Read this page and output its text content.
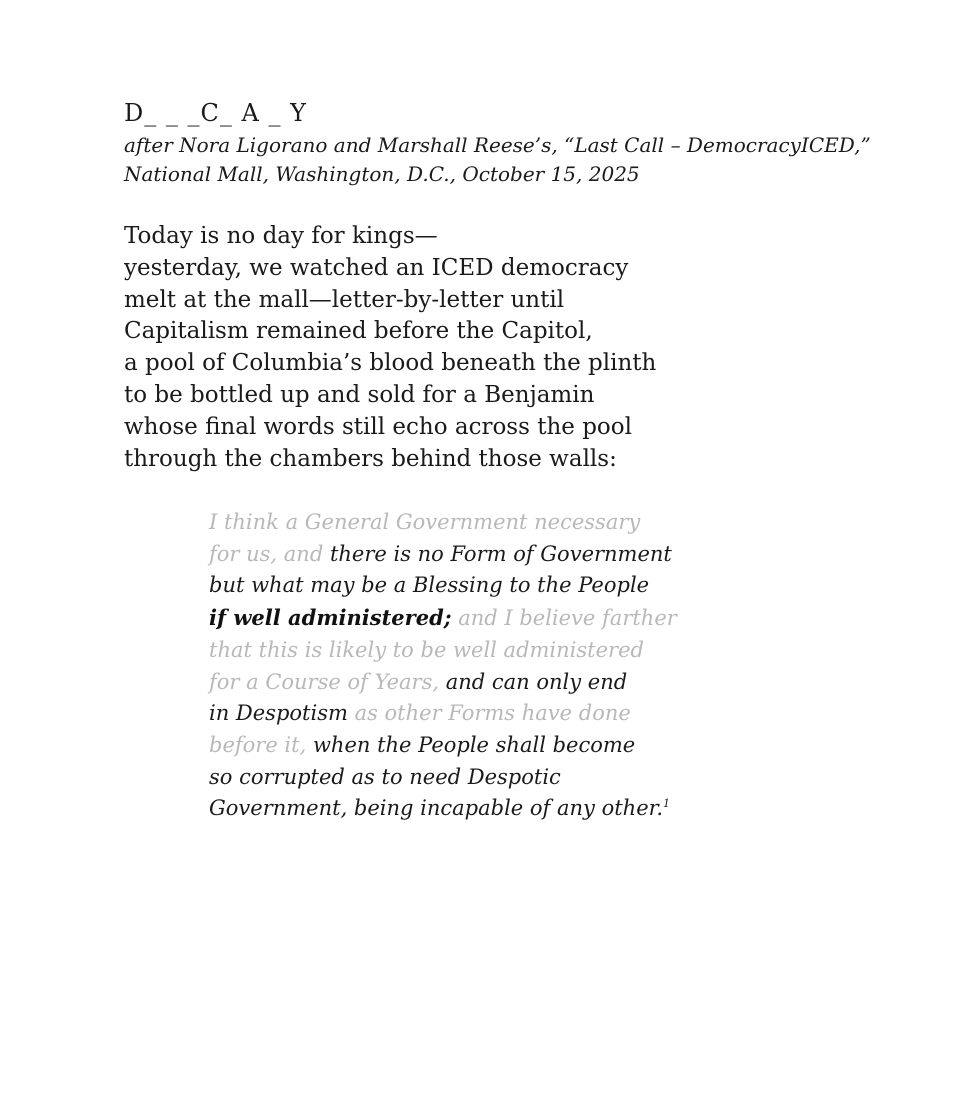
D_ _ _C_ A _ Y
after Nora Ligorano and Marshall Reese’s, “Last Call – DemocracyICED,”
National Mall, Washington, D.C., October 15, 2025
Today is no day for kings—
yesterday, we watched an ICED democracy
melt at the mall—letter-by-letter until
Capitalism remained before the Capitol,
a pool of Columbia’s blood beneath the plinth
to be bottled up and sold for a Benjamin
whose final words still echo across the pool
through the chambers behind those walls:
I think a General Government necessary
for us, and there is no Form of Government
but what may be a Blessing to the People
if well administered; and I believe farther
that this is likely to be well administered
for a Course of Years, and can only end
in Despotism as other Forms have done
before it, when the People shall become
so corrupted as to need Despotic
Government, being incapable of any other.$^1$
